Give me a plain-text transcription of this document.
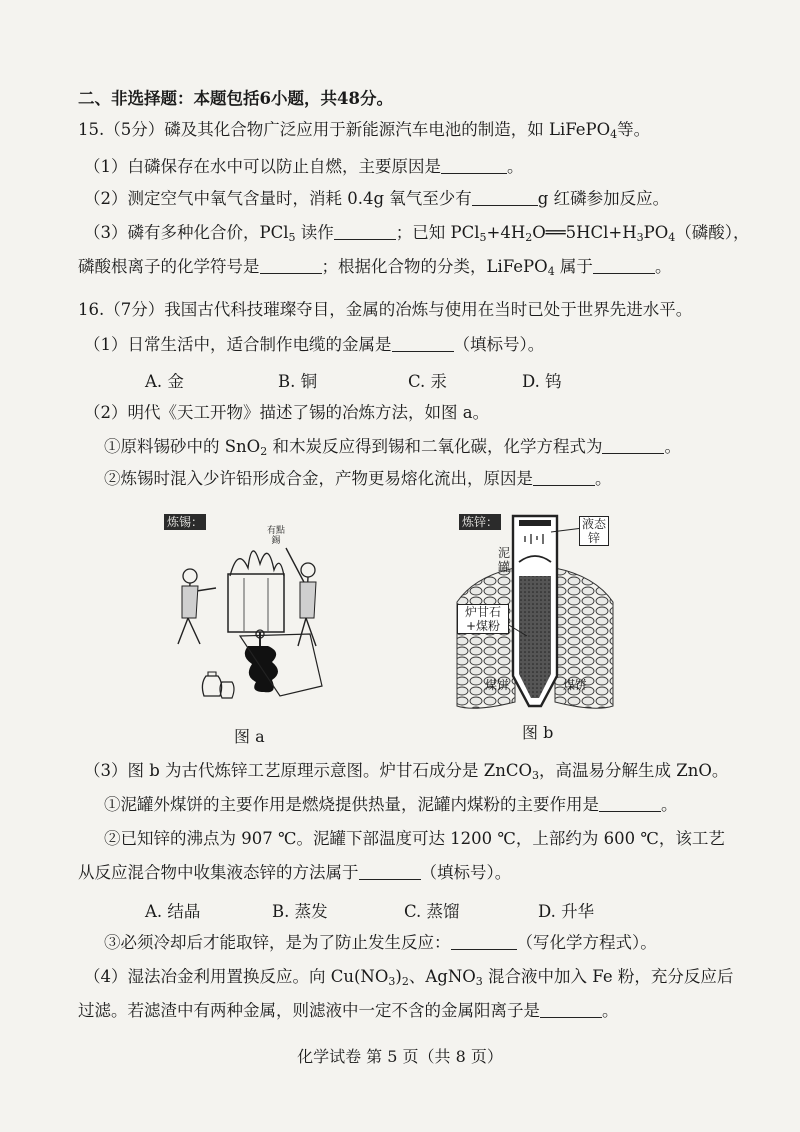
二、非选择题：本题包括6小题，共48分。
15.（5分）磷及其化合物广泛应用于新能源汽车电池的制造，如 LiFePO$_4$等。
（1）白磷保存在水中可以防止自燃，主要原因是	。
（2）测定空气中氧气含量时，消耗 0.4g 氧气至少有	g 红磷参加反应。
（3）磷有多种化合价，PCl$_5$ 读作	；已知 $PCl_5+4H_2O══5HCl+H_3PO_4$（磷酸），
磷酸根离子的化学符号是	；根据化合物的分类，LiFePO$_4$ 属于	。
16.（7分）我国古代科技璀璨夺目，金属的冶炼与使用在当时已处于世界先进水平。
（1）日常生活中，适合制作电缆的金属是	（填标号）。
A. 金	B. 铜	C. 汞	D. 钨
（2）明代《天工开物》描述了锡的冶炼方法，如图 a。
①原料锡砂中的 SnO$_2$ 和木炭反应得到锡和二氧化碳，化学方程式为	。
②炼锡时混入少许铅形成合金，产物更易熔化流出，原因是	。
炼锡：
有點錫
图 a
炼锌：	液态锌
泥罐
炉甘石+煤粉
煤饼	煤饼
图 b
（3）图 b 为古代炼锌工艺原理示意图。炉甘石成分是 ZnCO$_3$，高温易分解生成 ZnO。
①泥罐外煤饼的主要作用是燃烧提供热量，泥罐内煤粉的主要作用是	。
②已知锌的沸点为 907 ℃。泥罐下部温度可达 1200 ℃，上部约为 600 ℃，该工艺
从反应混合物中收集液态锌的方法属于	（填标号）。
A. 结晶	B. 蒸发	C. 蒸馏	D. 升华
③必须冷却后才能取锌，是为了防止发生反应：	（写化学方程式）。
（4）湿法冶金利用置换反应。向 $Cu(NO_3)_2$、AgNO$_3$ 混合液中加入 Fe 粉，充分反应后
过滤。若滤渣中有两种金属，则滤液中一定不含的金属阳离子是	。
化学试卷 第 5 页（共 8 页）
